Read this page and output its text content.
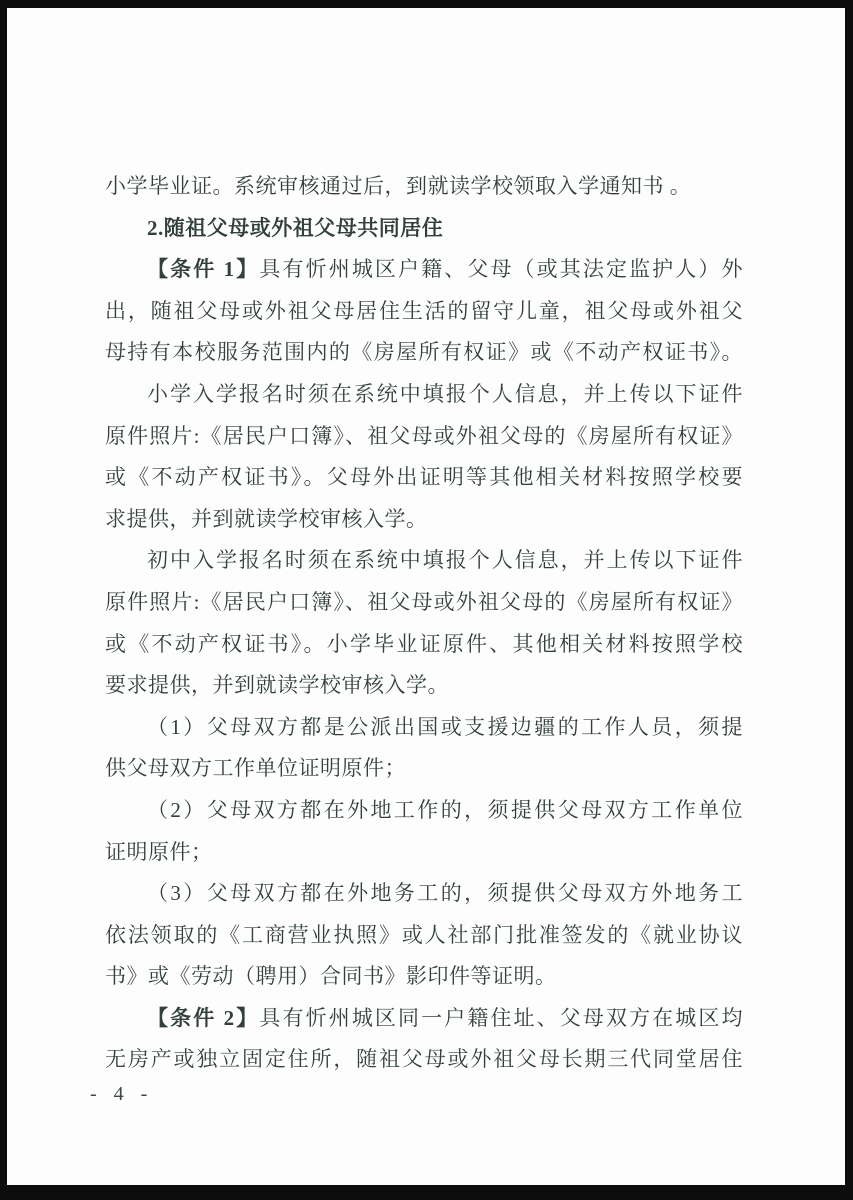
小学毕业证。系统审核通过后，到就读学校领取入学通知书 。
2.随祖父母或外祖父母共同居住
【条件 1】具有忻州城区户籍、父母（或其法定监护人）外
出，随祖父母或外祖父母居住生活的留守儿童，祖父母或外祖父
母持有本校服务范围内的《房屋所有权证》或《不动产权证书》。
小学入学报名时须在系统中填报个人信息，并上传以下证件
原件照片:《居民户口簿》、祖父母或外祖父母的《房屋所有权证》
或《不动产权证书》。父母外出证明等其他相关材料按照学校要
求提供，并到就读学校审核入学。
初中入学报名时须在系统中填报个人信息，并上传以下证件
原件照片:《居民户口簿》、祖父母或外祖父母的《房屋所有权证》
或《不动产权证书》。小学毕业证原件、其他相关材料按照学校
要求提供，并到就读学校审核入学。
（1）父母双方都是公派出国或支援边疆的工作人员，须提
供父母双方工作单位证明原件；
（2）父母双方都在外地工作的，须提供父母双方工作单位
证明原件；
（3）父母双方都在外地务工的，须提供父母双方外地务工
依法领取的《工商营业执照》或人社部门批准签发的《就业协议
书》或《劳动（聘用）合同书》影印件等证明。
【条件 2】具有忻州城区同一户籍住址、父母双方在城区均
无房产或独立固定住所，随祖父母或外祖父母长期三代同堂居住
- 4 -
